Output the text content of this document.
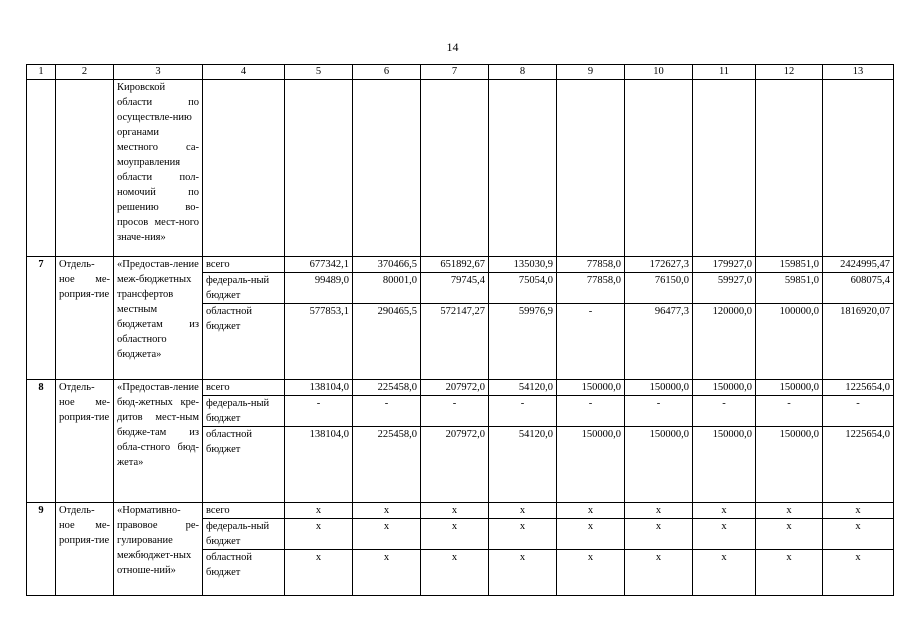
14
1	2	3	4	5	6	7	8	9	10	11	12	13
		Кировской области по осуществле-нию органами местного са-моуправления области пол-номочий по решению во-просов мест-ного значе-ния»										
7	Отдель-ное ме-роприя-тие	«Предостав-ление меж-бюджетных трансфертов местным бюджетам из областного бюджета»	всего	677342,1	370466,5	651892,67	135030,9	77858,0	172627,3	179927,0	159851,0	2424995,47
			федераль-ный бюджет	99489,0	80001,0	79745,4	75054,0	77858,0	76150,0	59927,0	59851,0	608075,4
			областной бюджет	577853,1	290465,5	572147,27	59976,9	-	96477,3	120000,0	100000,0	1816920,07
8	Отдель-ное ме-роприя-тие	«Предостав-ление бюд-жетных кре-дитов мест-ным бюдже-там из обла-стного бюд-жета»	всего	138104,0	225458,0	207972,0	54120,0	150000,0	150000,0	150000,0	150000,0	1225654,0
			федераль-ный бюджет	-	-	-	-	-	-	-	-	-
			областной бюджет	138104,0	225458,0	207972,0	54120,0	150000,0	150000,0	150000,0	150000,0	1225654,0
9	Отдель-ное ме-роприя-тие	«Нормативно-правовое ре-гулирование межбюджет-ных отноше-ний»	всего	х	х	х	х	х	х	х	х	х
			федераль-ный бюджет	х	х	х	х	х	х	х	х	х
			областной бюджет	х	х	х	х	х	х	х	х	х
